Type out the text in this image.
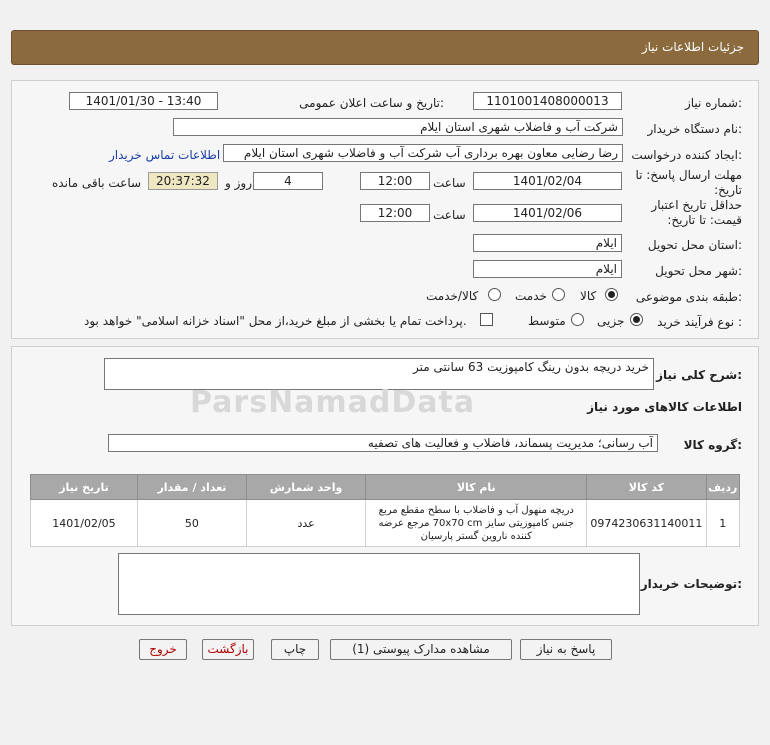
جزئیات اطلاعات نیاز
شماره نیاز:
1101001408000013
تاریخ و ساعت اعلان عمومی:
1401/01/30 - 13:40
نام دستگاه خریدار:
شرکت آب و فاضلاب شهری استان ایلام
ایجاد کننده درخواست:
رضا رضایی معاون بهره برداری آب شرکت آب و فاضلاب شهری استان ایلام
اطلاعات تماس خریدار
مهلت ارسال پاسخ: تا تاریخ:
1401/02/04
ساعت
12:00
4
روز و
20:37:32
ساعت باقی مانده
حداقل تاریخ اعتبار قیمت: تا تاریخ:
1401/02/06
ساعت
12:00
استان محل تحویل:
ایلام
شهر محل تحویل:
ایلام
طبقه بندی موضوعی:
کالا
خدمت
کالا/خدمت
نوع فرآیند خرید :
جزیی
متوسط
پرداخت تمام یا بخشی از مبلغ خرید،از محل "اسناد خزانه اسلامی" خواهد بود.
شرح کلی نیاز:
خرید دریچه بدون رینگ کامپوزیت 63 سانتی متر
اطلاعات کالاهای مورد نیاز
گروه کالا:
آب رسانی؛ مدیریت پسماند، فاضلاب و فعالیت های تصفیه
ParsNamadData
ردیف	کد کالا	نام کالا	واحد شمارش	تعداد / مقدار	تاریخ نیاز
1	0974230631140011	دریچه منهول آب و فاضلاب با سطح مقطع مربع جنس کامپوزیتی سایز 70x70 cm مرجع عرضه کننده ناروین گستر پارسیان	عدد	50	1401/02/05
توضیحات خریدار:
پاسخ به نیاز
مشاهده مدارک پیوستی (1)
چاپ
بازگشت
خروج
